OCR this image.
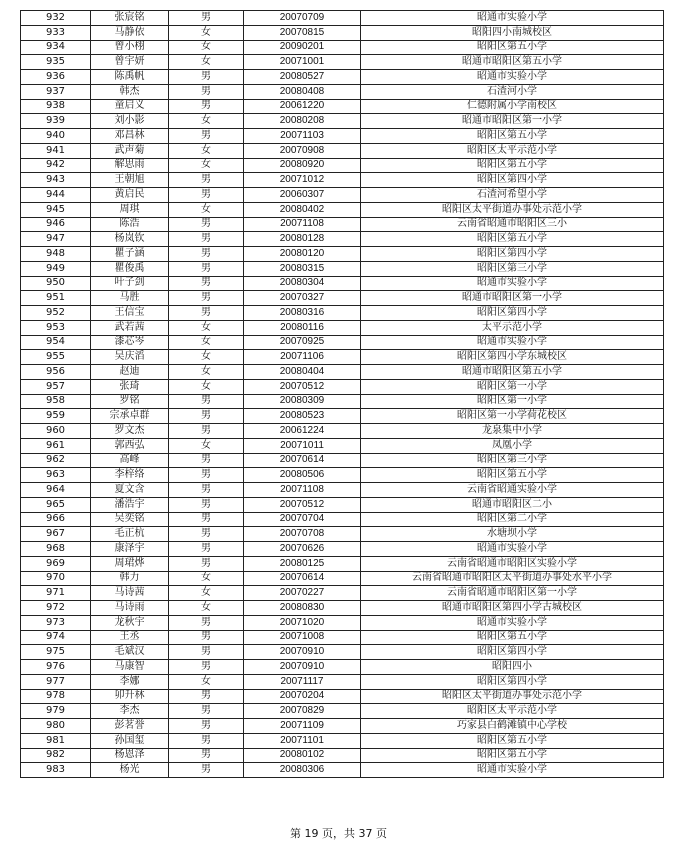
932	张宸铭	男	20070709	昭通市实验小学
933	马静依	女	20070815	昭阳四小南城校区
934	曾小栩	女	20090201	昭阳区第五小学
935	曾宇妍	女	20071001	昭通市昭阳区第五小学
936	陈禹帆	男	20080527	昭通市实验小学
937	韩杰	男	20080408	石渣河小学
938	童启义	男	20061220	仁德附属小学南校区
939	刘小影	女	20080208	昭通市昭阳区第一小学
940	邓昌林	男	20071103	昭阳区第五小学
941	武声菊	女	20070908	昭阳区太平示范小学
942	解思雨	女	20080920	昭阳区第五小学
943	王朝旭	男	20071012	昭阳区第四小学
944	黄启民	男	20060307	石渣河希望小学
945	周琪	女	20080402	昭阳区太平街道办事处示范小学
946	陈浩	男	20071108	云南省昭通市昭阳区三小
947	杨岚钦	男	20080128	昭阳区第五小学
948	瞿子涵	男	20080120	昭阳区第四小学
949	瞿俊禹	男	20080315	昭阳区第三小学
950	叶子剑	男	20080304	昭通市实验小学
951	马胜	男	20070327	昭通市昭阳区第一小学
952	王信宝	男	20080316	昭阳区第四小学
953	武若茜	女	20080116	太平示范小学
954	漆芯岑	女	20070925	昭通市实验小学
955	吴庆滔	女	20071106	昭阳区第四小学东城校区
956	赵迪	女	20080404	昭通市昭阳区第五小学
957	张琦	女	20070512	昭阳区第一小学
958	罗铭	男	20080309	昭阳区第一小学
959	宗承卓群	男	20080523	昭阳区第一小学荷花校区
960	罗文杰	男	20061224	龙泉集中小学
961	郭西弘	女	20071011	凤凰小学
962	高峰	男	20070614	昭阳区第三小学
963	李梓络	男	20080506	昭阳区第五小学
964	夏文含	男	20071108	云南省昭通实验小学
965	潘浩宇	男	20070512	昭通市昭阳区二小
966	吴奕铭	男	20070704	昭阳区第二小学
967	毛正杭	男	20070708	水塘坝小学
968	康泽宇	男	20070626	昭通市实验小学
969	周珺烨	男	20080125	云南省昭通市昭阳区实验小学
970	韩力	女	20070614	云南省昭通市昭阳区太平街道办事处水平小学
971	马诗茜	女	20070227	云南省昭通市昭阳区第一小学
972	马诗雨	女	20080830	昭通市昭阳区第四小学古城校区
973	龙秋宇	男	20071020	昭通市实验小学
974	王丞	男	20071008	昭阳区第五小学
975	毛斌汉	男	20070910	昭阳区第四小学
976	马康智	男	20070910	昭阳四小
977	李娜	女	20071117	昭阳区第四小学
978	卯升林	男	20070204	昭阳区太平街道办事处示范小学
979	李杰	男	20070829	昭阳区太平示范小学
980	彭茗誉	男	20071109	巧家县白鹤滩镇中心学校
981	孙国玺	男	20071101	昭阳区第五小学
982	杨恩泽	男	20080102	昭阳区第五小学
983	杨光	男	20080306	昭通市实验小学
第 19 页，共 37 页
